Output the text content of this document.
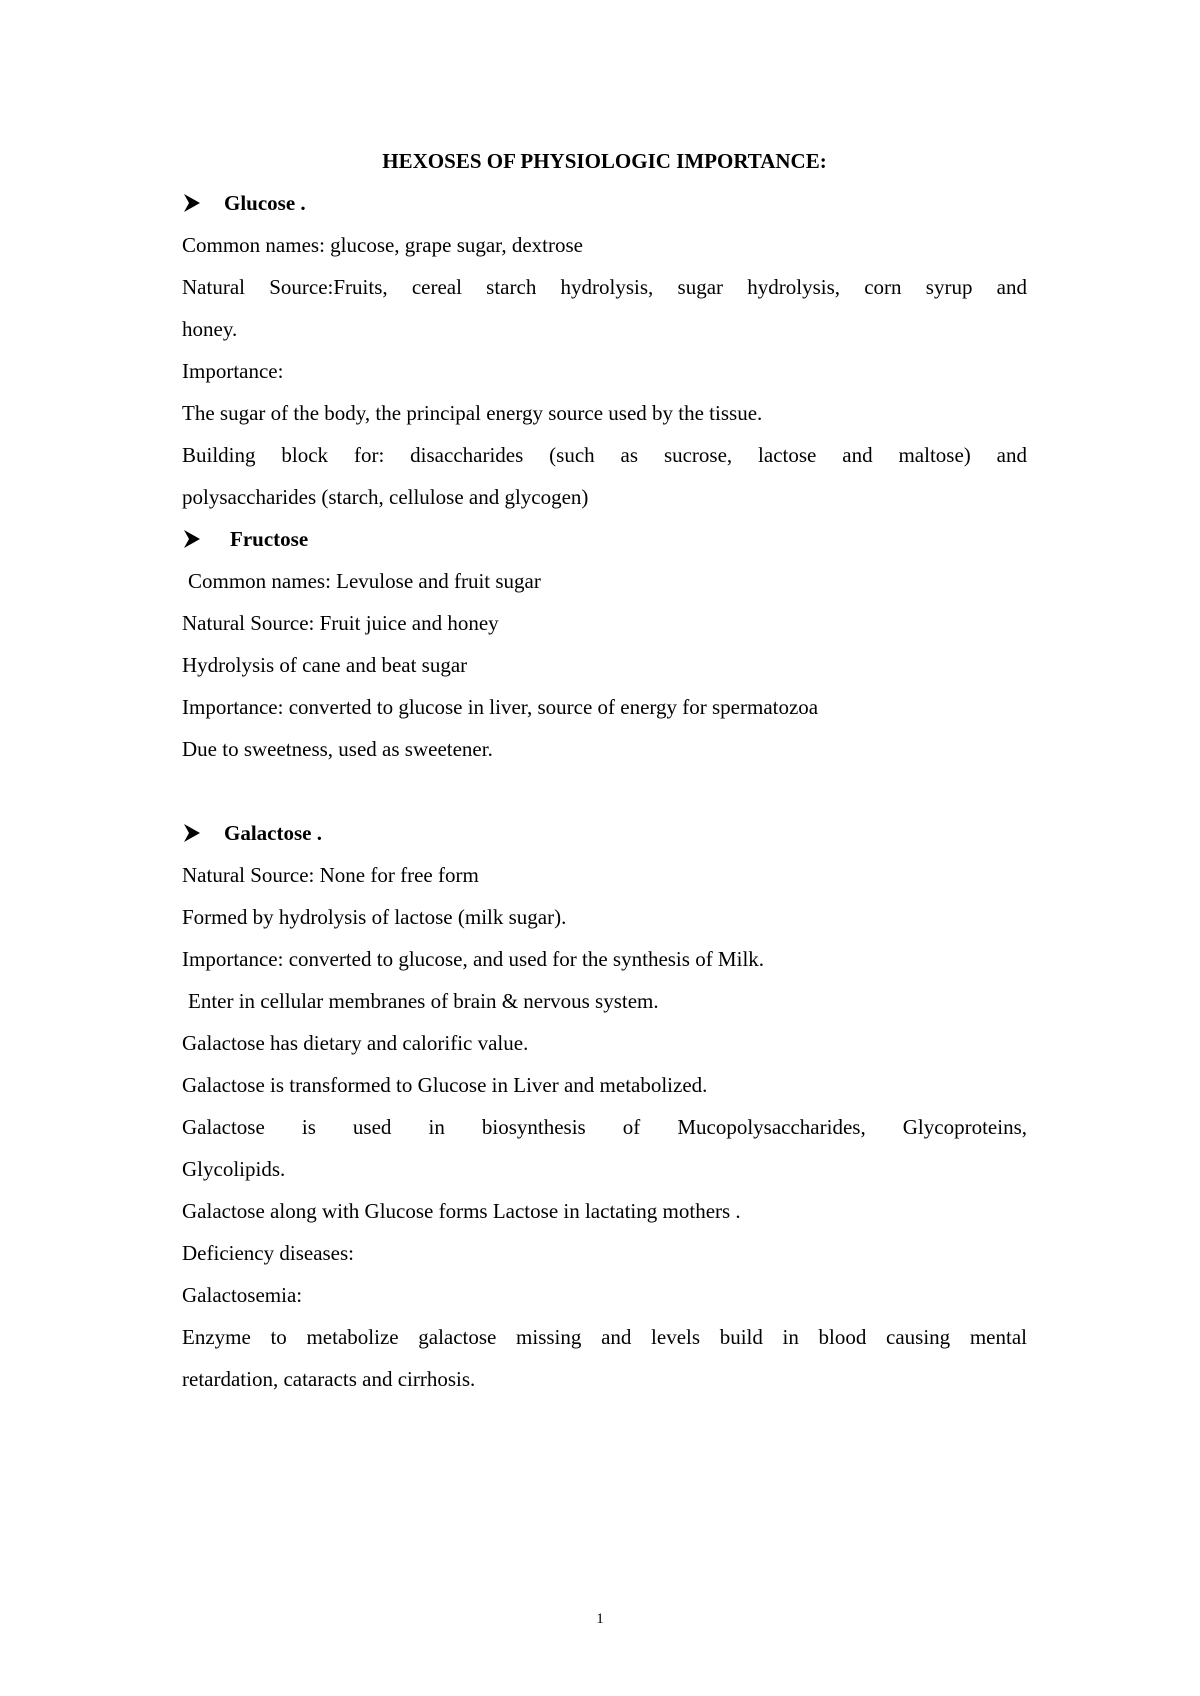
HEXOSES OF PHYSIOLOGIC IMPORTANCE:

Glucose .

Common names: glucose, grape sugar, dextrose

Natural Source:Fruits, cereal starch hydrolysis, sugar hydrolysis, corn syrup and

honey.

Importance:

The sugar of the body, the principal energy source used by the tissue.

Building block for: disaccharides (such as sucrose, lactose and maltose) and

polysaccharides (starch, cellulose and glycogen)

Fructose

Common names: Levulose and fruit sugar

Natural Source: Fruit juice and honey

Hydrolysis of cane and beat sugar

Importance: converted to glucose in liver, source of energy for spermatozoa

Due to sweetness, used as sweetener.

Galactose .

Natural Source: None for free form

Formed by hydrolysis of lactose (milk sugar).

Importance: converted to glucose, and used for the synthesis of Milk.

Enter in cellular membranes of brain & nervous system.

Galactose has dietary and calorific value.

Galactose is transformed to Glucose in Liver and metabolized.

Galactose is used in biosynthesis of Mucopolysaccharides, Glycoproteins,

Glycolipids.

Galactose along with Glucose forms Lactose in lactating mothers .

Deficiency diseases:

Galactosemia:

Enzyme to metabolize galactose missing and levels build in blood causing mental

retardation, cataracts and cirrhosis.

1
